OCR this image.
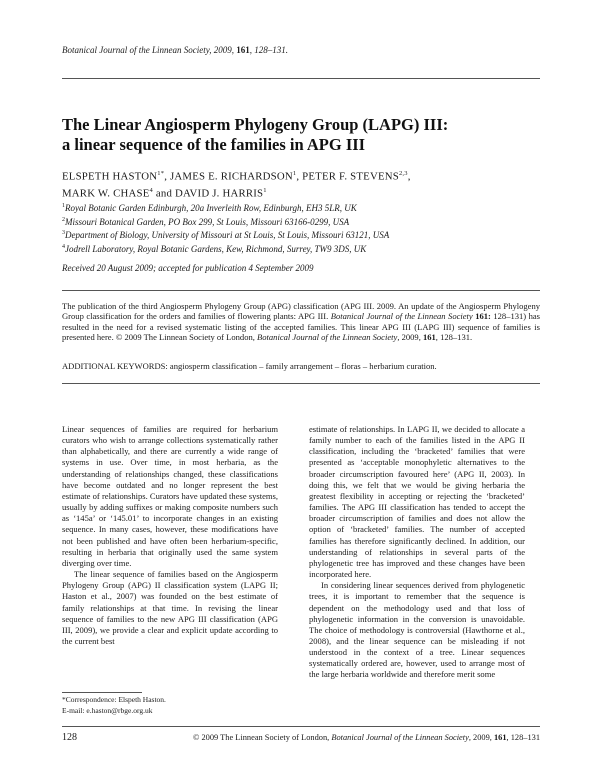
Botanical Journal of the Linnean Society, 2009, 161, 128–131.
The Linear Angiosperm Phylogeny Group (LAPG) III:
a linear sequence of the families in APG III
ELSPETH $HASTON^{1*}$, JAMES E. RICHARDSON$^1$, PETER F. STEVENS$^{2,3}$,
MARK W. CHASE$^4$ and DAVID J. HARRIS$^1$
$^1$Royal Botanic Garden Edinburgh, 20a Inverleith Row, Edinburgh, EH3 5LR, UK
$^2$Missouri Botanical Garden, PO Box 299, St Louis, Missouri 63166-0299, USA
$^3$Department of Biology, University of Missouri at St Louis, St Louis, Missouri 63121, USA
$^4$Jodrell Laboratory, Royal Botanic Gardens, Kew, Richmond, Surrey, TW9 3DS, UK
Received 20 August 2009; accepted for publication 4 September 2009
The publication of the third Angiosperm Phylogeny Group (APG) classification (APG III. 2009. An update of the Angiosperm Phylogeny Group classification for the orders and families of flowering plants: APG III. Botanical Journal of the Linnean Society 161: 128–131) has resulted in the need for a revised systematic listing of the accepted families. This linear APG III (LAPG III) sequence of families is presented here. © 2009 The Linnean Society of London, Botanical Journal of the Linnean Society, 2009, 161, 128–131.
ADDITIONAL KEYWORDS: angiosperm classification – family arrangement – floras – herbarium curation.

Linear sequences of families are required for herbarium curators who wish to arrange collections systematically rather than alphabetically, and there are currently a wide range of systems in use. Over time, in most herbaria, as the understanding of relationships changed, these classifications have become outdated and no longer represent the best estimate of relationships. Curators have updated these systems, usually by adding suffixes or making composite numbers such as ‘145a’ or ‘145.01’ to incorporate changes in an existing sequence. In many cases, however, these modifications have not been published and have often been herbarium-specific, resulting in herbaria that originally used the same system diverging over time.

The linear sequence of families based on the Angiosperm Phylogeny Group (APG) II classification system (LAPG II; Haston et al., 2007) was founded on the best estimate of family relationships at that time. In revising the linear sequence of families to the new APG III classification (APG III, 2009), we provide a clear and explicit update according to the current best

estimate of relationships. In LAPG II, we decided to allocate a family number to each of the families listed in the APG II classification, including the ‘bracketed’ families that were presented as ‘acceptable monophyletic alternatives to the broader circumscription favoured here’ (APG II, 2003). In doing this, we felt that we would be giving herbaria the greatest flexibility in accepting or rejecting the ‘bracketed’ families. The APG III classification has tended to accept the broader circumscription of families and does not allow the option of ‘bracketed’ families. The number of accepted families has therefore significantly declined. In addition, our understanding of relationships in several parts of the phylogenetic tree has improved and these changes have been incorporated here.

In considering linear sequences derived from phylogenetic trees, it is important to remember that the sequence is dependent on the methodology used and that loss of phylogenetic information in the conversion is unavoidable. The choice of methodology is controversial (Hawthorne et al., 2008), and the linear sequence can be misleading if not understood in the context of a tree. Linear sequences systematically ordered are, however, used to arrange most of the large herbaria worldwide and therefore merit some

*Correspondence: Elspeth Haston.
E-mail: e.haston@rbge.org.uk
128	© 2009 The Linnean Society of London, Botanical Journal of the Linnean Society, 2009, 161, 128–131
